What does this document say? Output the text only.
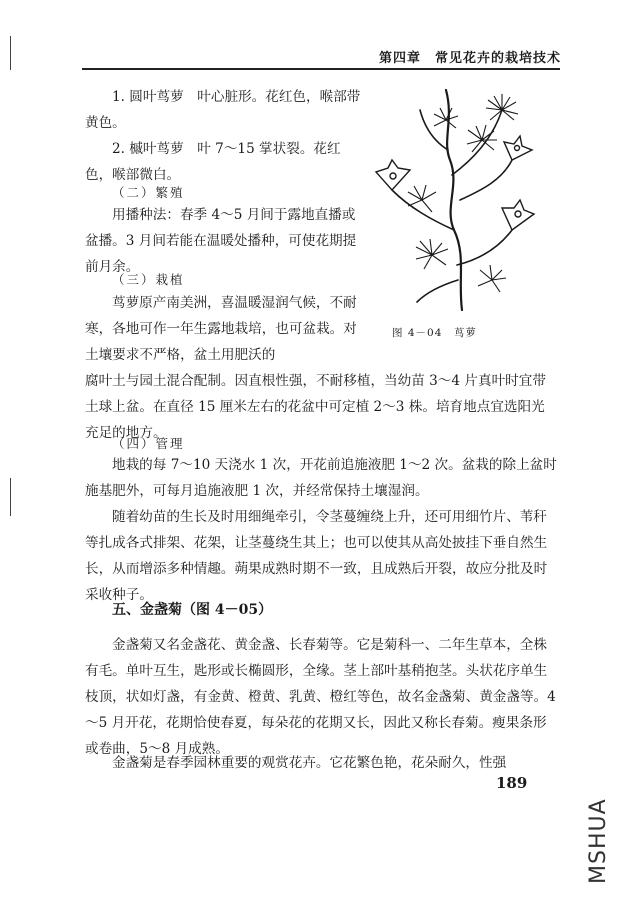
第四章　常见花卉的栽培技术

1. 圆叶茑萝　叶心脏形。花红色，喉部带黄色。

2. 槭叶茑萝　叶 7～15 掌状裂。花红色，喉部微白。

（二）繁殖

用播种法：春季 4～5 月间于露地直播或盆播。3 月间若能在温暖处播种，可使花期提前月余。

（三）栽植

茑萝原产南美洲，喜温暖湿润气候，不耐寒，各地可作一年生露地栽培，也可盆栽。对土壤要求不严格，盆土用肥沃的

腐叶土与园土混合配制。因直根性强，不耐移植，当幼苗 3～4 片真叶时宜带土球上盆。在直径 15 厘米左右的花盆中可定植 2～3 株。培育地点宜选阳光充足的地方。

（四）管理

地栽的每 7～10 天浇水 1 次，开花前追施液肥 1～2 次。盆栽的除上盆时施基肥外，可每月追施液肥 1 次，并经常保持土壤湿润。

随着幼苗的生长及时用细绳牵引，令茎蔓缠绕上升，还可用细竹片、苇秆等扎成各式排架、花架，让茎蔓绕生其上；也可以使其从高处披挂下垂自然生长，从而增添多种情趣。蒴果成熟时期不一致，且成熟后开裂，故应分批及时采收种子。

五、金盏菊（图 4－05）

金盏菊又名金盏花、黄金盏、长春菊等。它是菊科一、二年生草本，全株有毛。单叶互生，匙形或长椭圆形，全缘。茎上部叶基稍抱茎。头状花序单生枝顶，状如灯盏，有金黄、橙黄、乳黄、橙红等色，故名金盏菊、黄金盏等。4～5 月开花，花期恰使春夏，每朵花的花期又长，因此又称长春菊。瘦果条形或卷曲，5～8 月成熟。

金盏菊是春季园林重要的观赏花卉。它花繁色艳，花朵耐久，性强

图 4－04　茑萝
189
MSHUA
